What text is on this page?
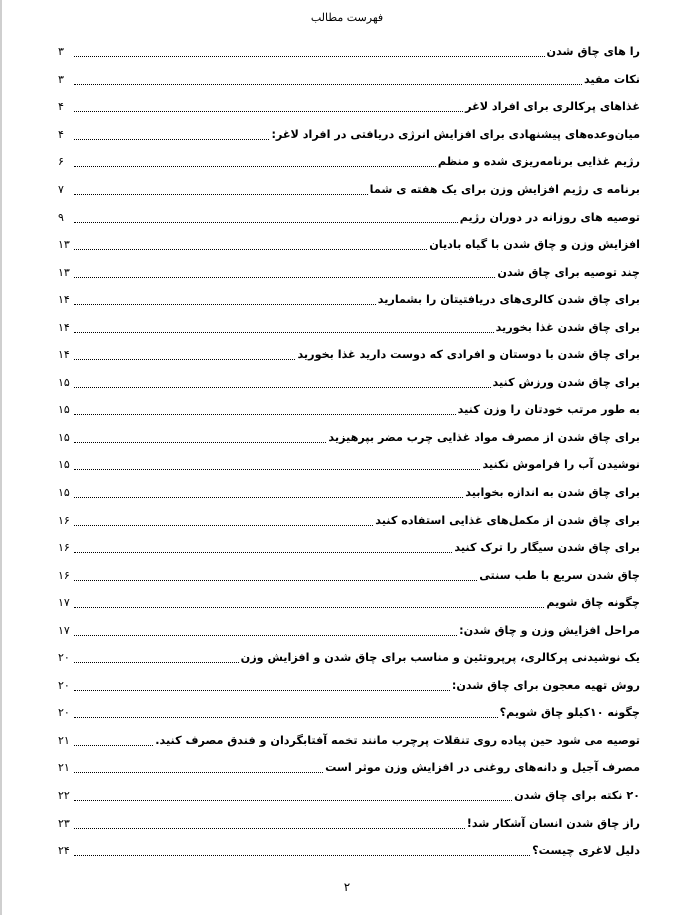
فهرست مطالب
را های چاق شدن
۳
نکات مفید
۳
غذاهای پرکالری برای افراد لاغر
۴
میان‌وعده‌های پیشنهادی برای افزایش انرژی دریافتی در افراد لاغر:
۴
رژیم غذایی برنامه‌ریزی شده و منظم
۶
برنامه ی رژیم افزایش وزن برای یک هفته ی شما
۷
توصیه های روزانه در دوران رژیم
۹
افزایش وزن و چاق شدن با گیاه بادیان
۱۳
چند توصیه برای چاق شدن
۱۳
برای چاق شدن کالری‌های دریافتیتان را بشمارید
۱۴
برای چاق شدن غذا بخورید
۱۴
برای چاق شدن با دوستان و افرادی که دوست دارید غذا بخورید
۱۴
برای چاق شدن ورزش کنید
۱۵
به طور مرتب خودتان را وزن کنید
۱۵
برای چاق شدن از مصرف مواد غذایی چرب مضر بپرهیزید
۱۵
نوشیدن آب را فراموش نکنید
۱۵
برای چاق شدن به اندازه بخوابید
۱۵
برای چاق شدن از مکمل‌های غذایی استفاده کنید
۱۶
برای چاق شدن سیگار را ترک کنید
۱۶
چاق شدن سریع با طب سنتی
۱۶
چگونه چاق شویم
۱۷
مراحل افزایش وزن و چاق شدن:
۱۷
یک نوشیدنی پرکالری، پرپروتئین و مناسب برای چاق شدن و افزایش وزن
۲۰
روش تهیه معجون برای چاق شدن:
۲۰
چگونه ۱۰کیلو چاق شویم؟
۲۰
توصیه می شود حین پیاده روی تنقلات پرچرب مانند تخمه آفتابگردان و فندق مصرف کنید.
۲۱
مصرف آجیل و دانه‌های روغنی در افزایش وزن موثر است
۲۱
۲۰ نکته برای چاق شدن
۲۲
راز چاق شدن انسان آشکار شد!
۲۳
دلیل لاغری چیست؟
۲۴
۲
